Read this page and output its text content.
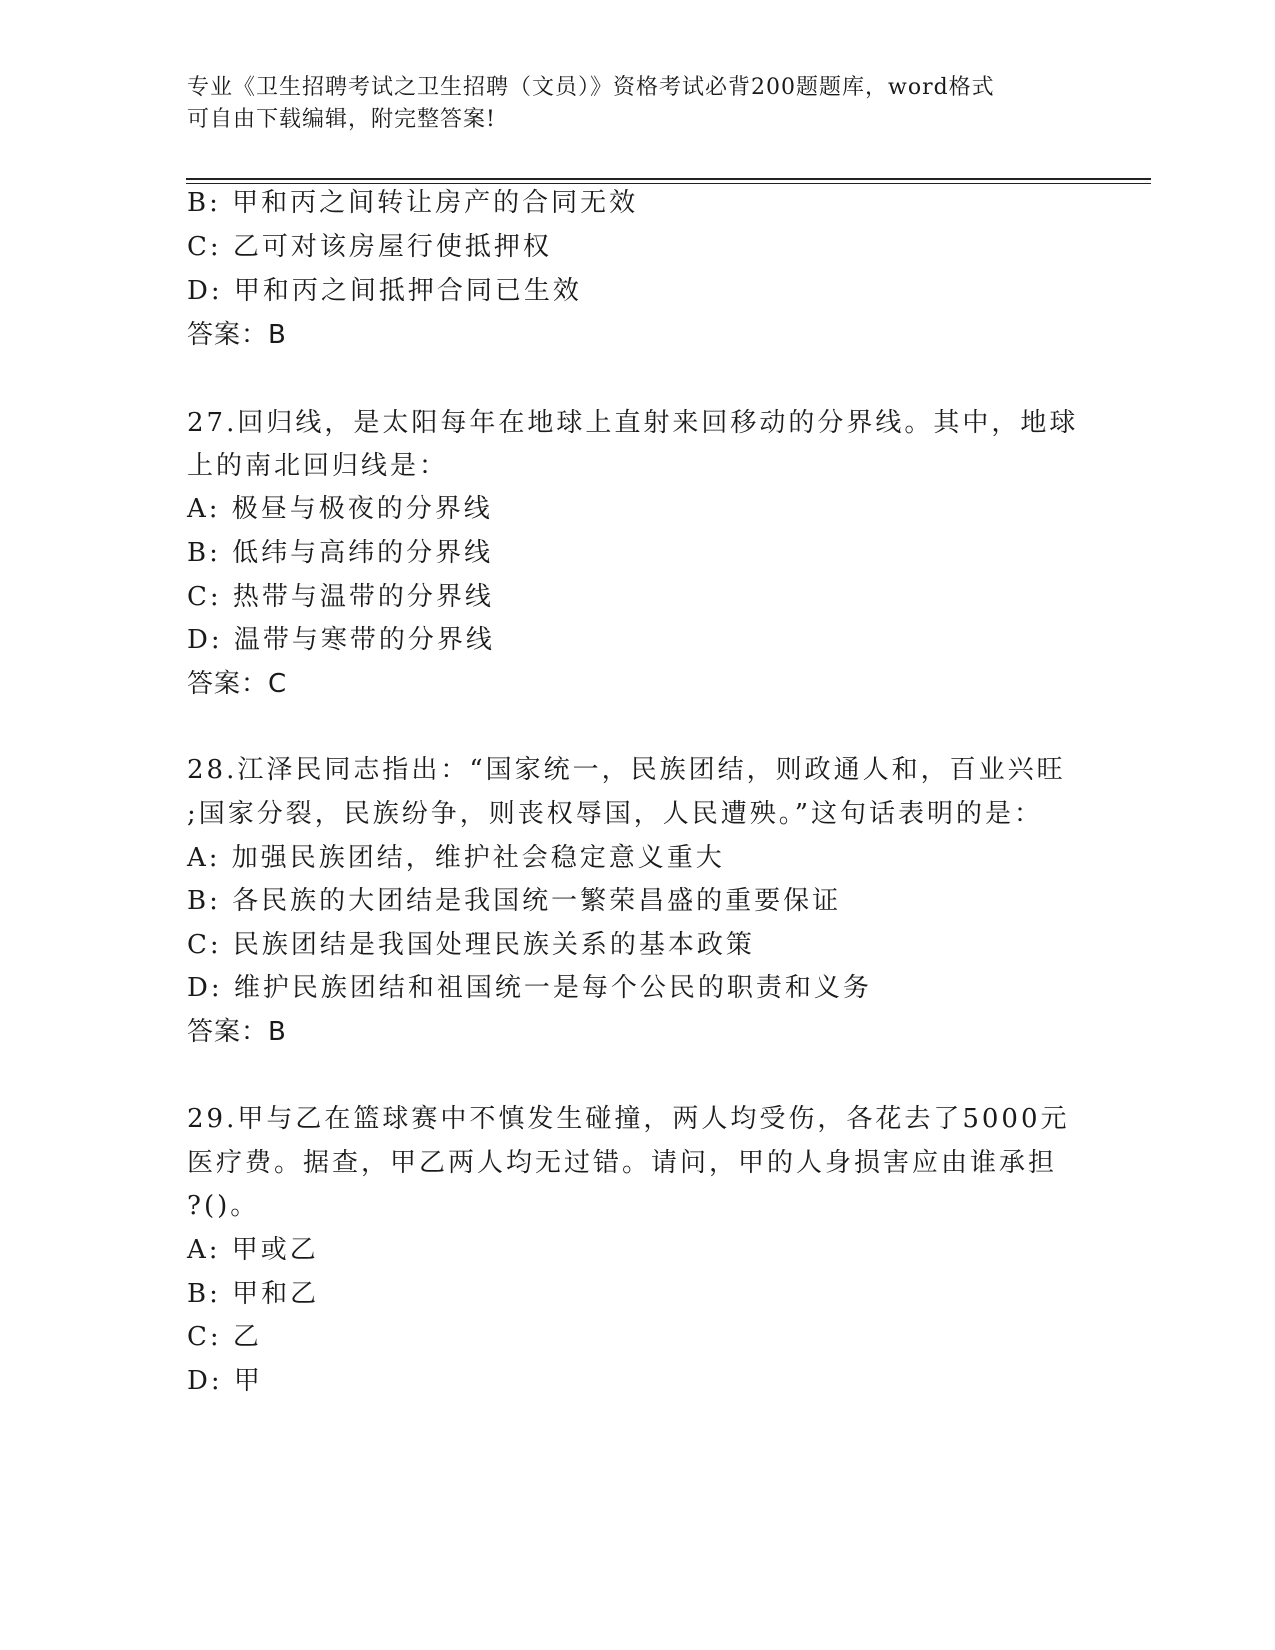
专业《卫生招聘考试之卫生招聘（文员）》资格考试必背200题题库，word格式
可自由下载编辑，附完整答案!
B: 甲和丙之间转让房产的合同无效
C: 乙可对该房屋行使抵押权
D: 甲和丙之间抵押合同已生效
答案：B
27.回归线，是太阳每年在地球上直射来回移动的分界线。其中，地球
上的南北回归线是：
A: 极昼与极夜的分界线
B: 低纬与高纬的分界线
C: 热带与温带的分界线
D: 温带与寒带的分界线
答案：C
28.江泽民同志指出：“国家统一，民族团结，则政通人和，百业兴旺
;国家分裂，民族纷争，则丧权辱国，人民遭殃。”这句话表明的是：
A: 加强民族团结，维护社会稳定意义重大
B: 各民族的大团结是我国统一繁荣昌盛的重要保证
C: 民族团结是我国处理民族关系的基本政策
D: 维护民族团结和祖国统一是每个公民的职责和义务
答案：B
29.甲与乙在篮球赛中不慎发生碰撞，两人均受伤，各花去了5000元
医疗费。据查，甲乙两人均无过错。请问，甲的人身损害应由谁承担
?()。
A: 甲或乙
B: 甲和乙
C: 乙
D: 甲
